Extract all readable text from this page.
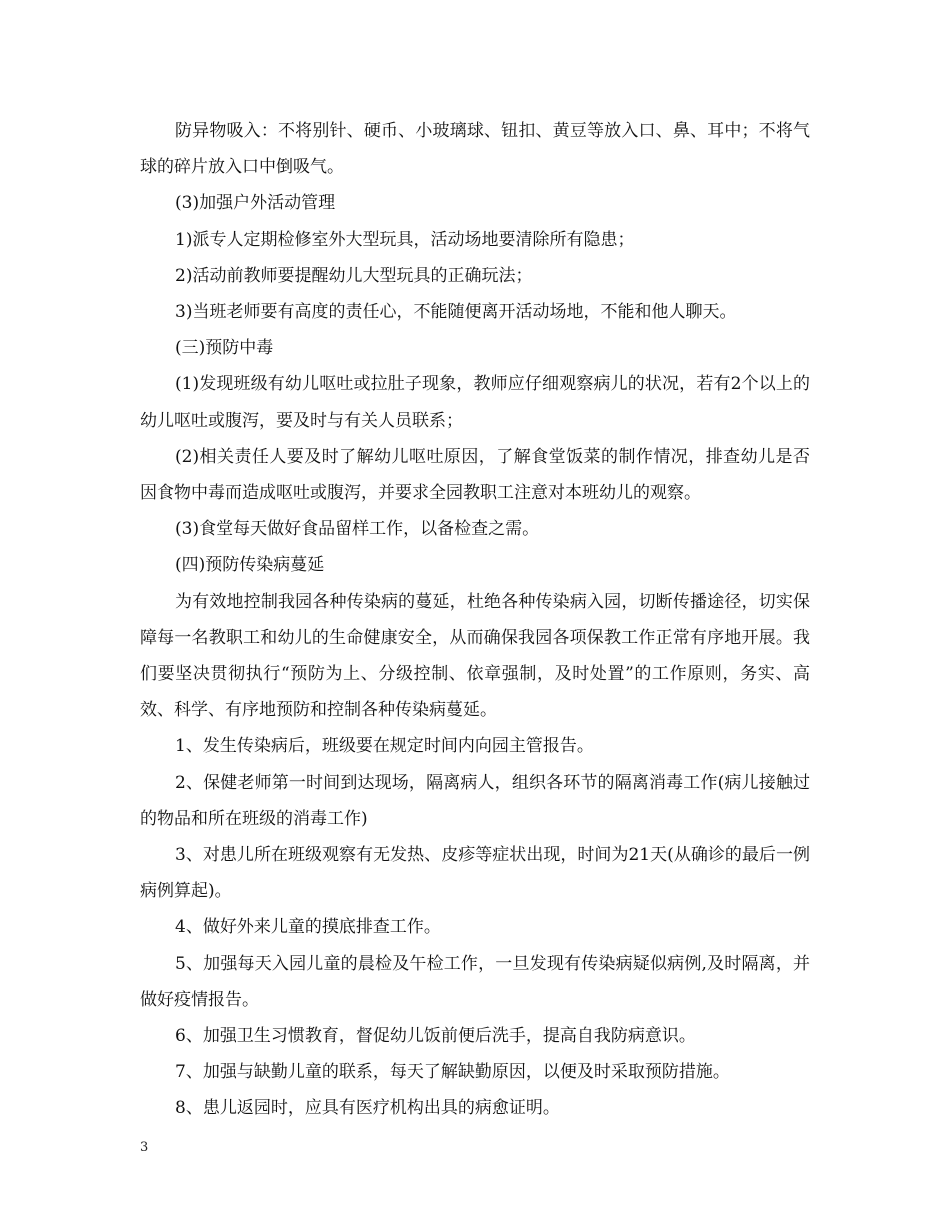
防异物吸入：不将别针、硬币、小玻璃球、钮扣、黄豆等放入口、鼻、耳中；不将气球的碎片放入口中倒吸气。

(3)加强户外活动管理

1)派专人定期检修室外大型玩具，活动场地要清除所有隐患；

2)活动前教师要提醒幼儿大型玩具的正确玩法；

3)当班老师要有高度的责任心，不能随便离开活动场地，不能和他人聊天。

(三)预防中毒

(1)发现班级有幼儿呕吐或拉肚子现象，教师应仔细观察病儿的状况，若有2个以上的幼儿呕吐或腹泻，要及时与有关人员联系；

(2)相关责任人要及时了解幼儿呕吐原因，了解食堂饭菜的制作情况，排查幼儿是否因食物中毒而造成呕吐或腹泻，并要求全园教职工注意对本班幼儿的观察。

(3)食堂每天做好食品留样工作，以备检查之需。

(四)预防传染病蔓延

为有效地控制我园各种传染病的蔓延，杜绝各种传染病入园，切断传播途径，切实保障每一名教职工和幼儿的生命健康安全，从而确保我园各项保教工作正常有序地开展。我们要坚决贯彻执行“预防为上、分级控制、依章强制，及时处置”的工作原则，务实、高效、科学、有序地预防和控制各种传染病蔓延。

1、发生传染病后，班级要在规定时间内向园主管报告。

2、保健老师第一时间到达现场，隔离病人，组织各环节的隔离消毒工作(病儿接触过的物品和所在班级的消毒工作)

3、对患儿所在班级观察有无发热、皮疹等症状出现，时间为21天(从确诊的最后一例病例算起)。

4、做好外来儿童的摸底排查工作。

5、加强每天入园儿童的晨检及午检工作，一旦发现有传染病疑似病例,及时隔离，并做好疫情报告。

6、加强卫生习惯教育，督促幼儿饭前便后洗手，提高自我防病意识。

7、加强与缺勤儿童的联系，每天了解缺勤原因，以便及时采取预防措施。

8、患儿返园时，应具有医疗机构出具的病愈证明。

3
